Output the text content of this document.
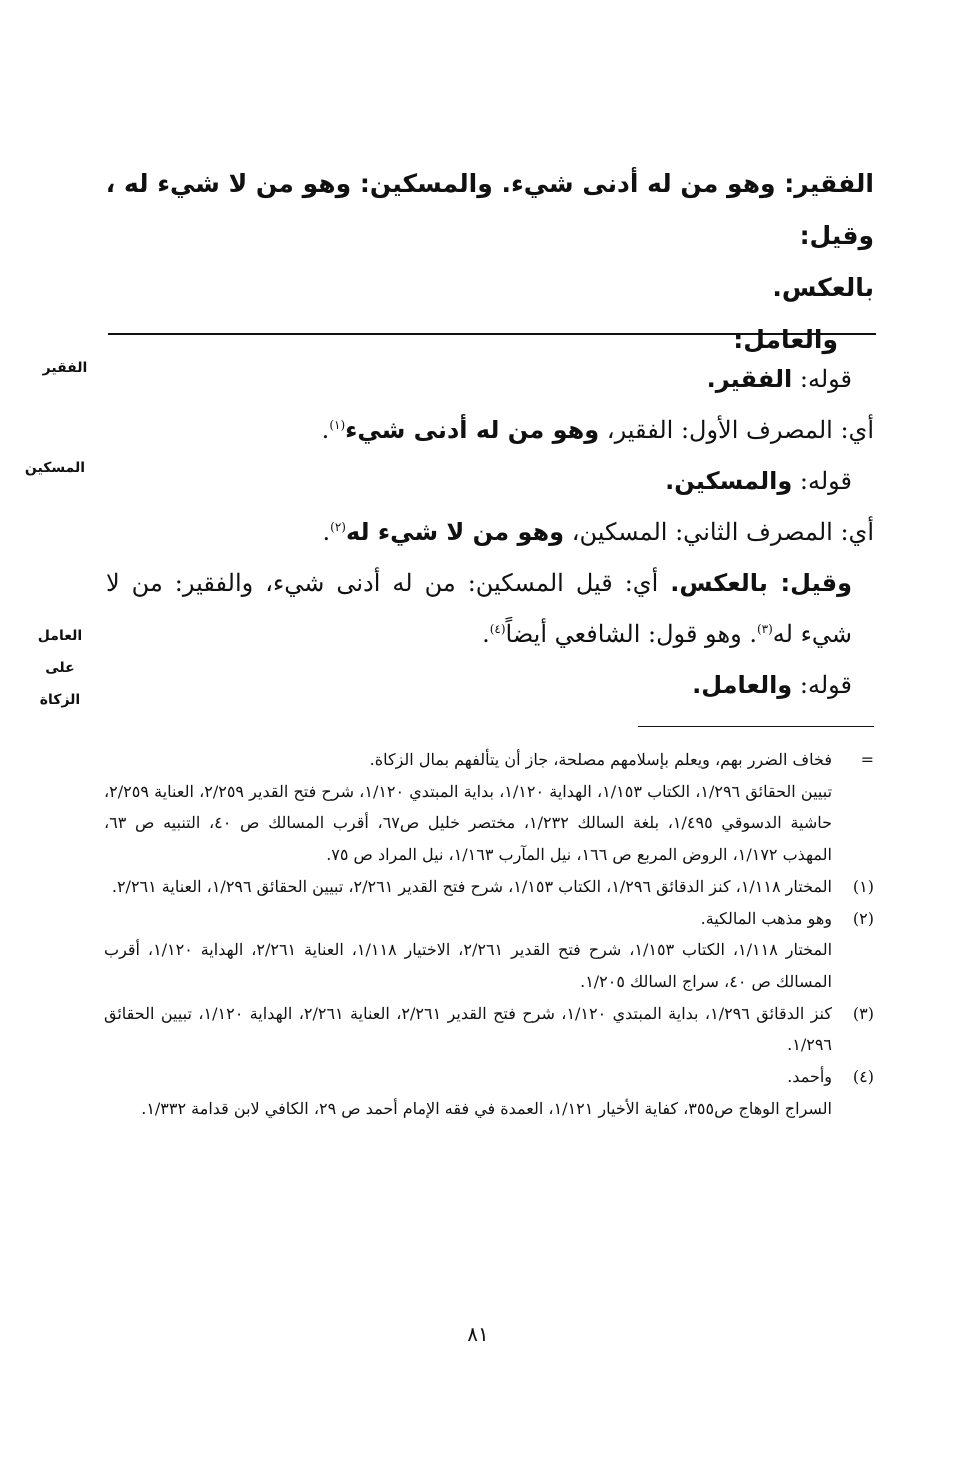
الفقير: وهو من له أدنى شيء. والمسكين: وهو من لا شيء له ، وقيل:

بالعكس.

والعامل:

الفقير
المسكين
العامل
على
الزكاة

قوله: الفقير.

أي: المصرف الأول: الفقير، وهو من له أدنى شيء$^{(١)}$.

قوله: والمسكين.

أي: المصرف الثاني: المسكين، وهو من لا شيء له$^{(٢)}$.

وقيل: بالعكس. أي: قيل المسكين: من له أدنى شيء، والفقير: من لا شيء له$^{(٣)}$. وهو قول: الشافعي أيضاً$^{(٤)}$.

قوله: والعامل.

=

فخاف الضرر بهم، ويعلم بإسلامهم مصلحة، جاز أن يتألفهم بمال الزكاة.

تبيين الحقائق ١/٢٩٦، الكتاب ١/١٥٣، الهداية ١/١٢٠، بداية المبتدي ١/١٢٠، شرح فتح القدير ٢/٢٥٩، العناية ٢/٢٥٩، حاشية الدسوقي ١/٤٩٥، بلغة السالك ١/٢٣٢، مختصر خليل ص٦٧، أقرب المسالك ص ٤٠، التنبيه ص ٦٣، المهذب ١/١٧٢، الروض المربع ص ١٦٦، نيل المآرب ١/١٦٣، نيل المراد ص ٧٥.

(١)

المختار ١/١١٨، كنز الدقائق ١/٢٩٦، الكتاب ١/١٥٣، شرح فتح القدير ٢/٢٦١، تبيين الحقائق ١/٢٩٦، العناية ٢/٢٦١.

(٢)

وهو مذهب المالكية.

المختار ١/١١٨، الكتاب ١/١٥٣، شرح فتح القدير ٢/٢٦١، الاختيار ١/١١٨، العناية ٢/٢٦١، الهداية ١/١٢٠، أقرب المسالك ص ٤٠، سراج السالك ١/٢٠٥.

(٣)

كنز الدقائق ١/٢٩٦، بداية المبتدي ١/١٢٠، شرح فتح القدير ٢/٢٦١، العناية ٢/٢٦١، الهداية ١/١٢٠، تبيين الحقائق ١/٢٩٦.

(٤)

وأحمد.

السراج الوهاج ص٣٥٥، كفاية الأخيار ١/١٢١، العمدة في فقه الإمام أحمد ص ٢٩، الكافي لابن قدامة ١/٣٣٢.

٨١
